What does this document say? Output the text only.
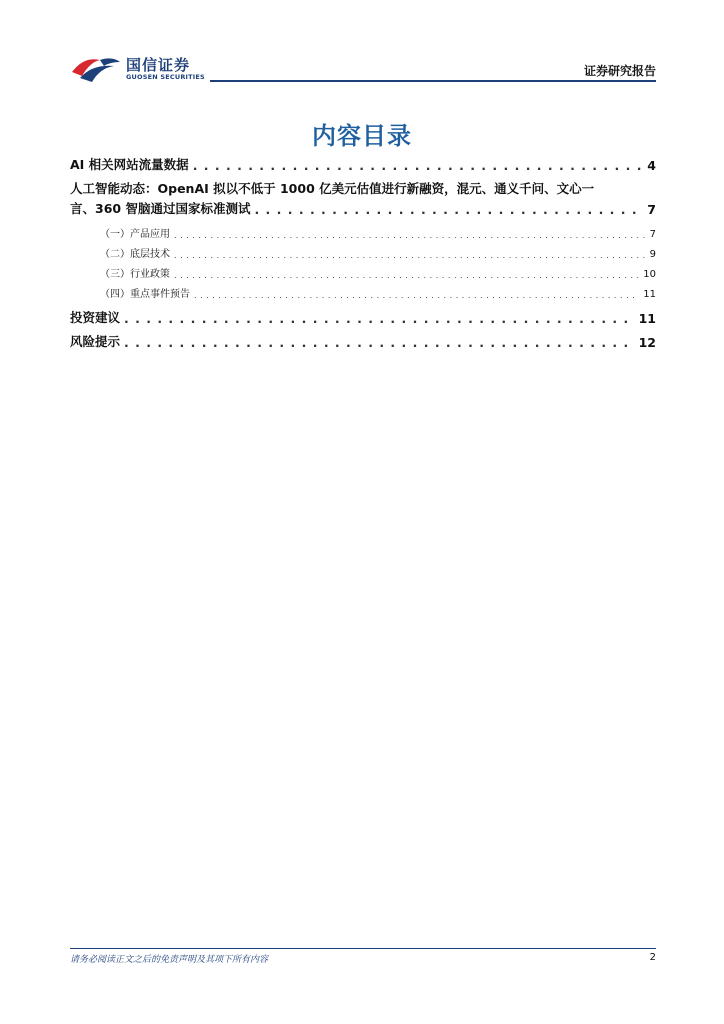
国信证券
GUOSEN SECURITIES	证券研究报告
内容目录
AI 相关网站流量数据 . . .	4
人工智能动态：OpenAI 拟以不低于 1000 亿美元估值进行新融资，混元、通义千问、文心一
言、360 智脑通过国家标准测试 . . .	7
（一）产品应用 . . .	7
（二）底层技术 . . .	9
（三）行业政策 . . .	10
（四）重点事件预告 . . .	11
投资建议 . . .	11
风险提示 . . .	12
请务必阅读正文之后的免责声明及其项下所有内容	2
